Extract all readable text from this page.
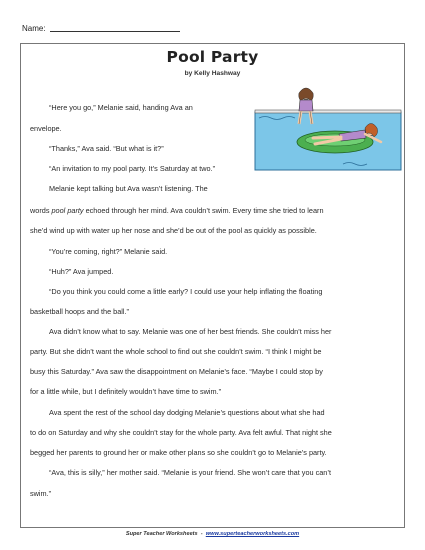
Name:
Pool Party
by Kelly Hashway
“Here you go,” Melanie said, handing Ava an
envelope.
“Thanks,” Ava said. “But what is it?”
“An invitation to my pool party. It’s Saturday at two.”
Melanie kept talking but Ava wasn’t listening. The
words pool party echoed through her mind. Ava couldn’t swim. Every time she tried to learn
she’d wind up with water up her nose and she’d be out of the pool as quickly as possible.
“You’re coming, right?” Melanie said.
“Huh?” Ava jumped.
“Do you think you could come a little early? I could use your help inflating the floating
basketball hoops and the ball.”
Ava didn’t know what to say. Melanie was one of her best friends. She couldn’t miss her
party. But she didn’t want the whole school to find out she couldn’t swim. “I think I might be
busy this Saturday.” Ava saw the disappointment on Melanie’s face. “Maybe I could stop by
for a little while, but I definitely wouldn’t have time to swim.”
Ava spent the rest of the school day dodging Melanie’s questions about what she had
to do on Saturday and why she couldn’t stay for the whole party. Ava felt awful. That night she
begged her parents to ground her or make other plans so she couldn’t go to Melanie’s party.
“Ava, this is silly,” her mother said. “Melanie is your friend. She won’t care that you can’t
swim.”
Super Teacher Worksheets - www.superteacherworksheets.com
